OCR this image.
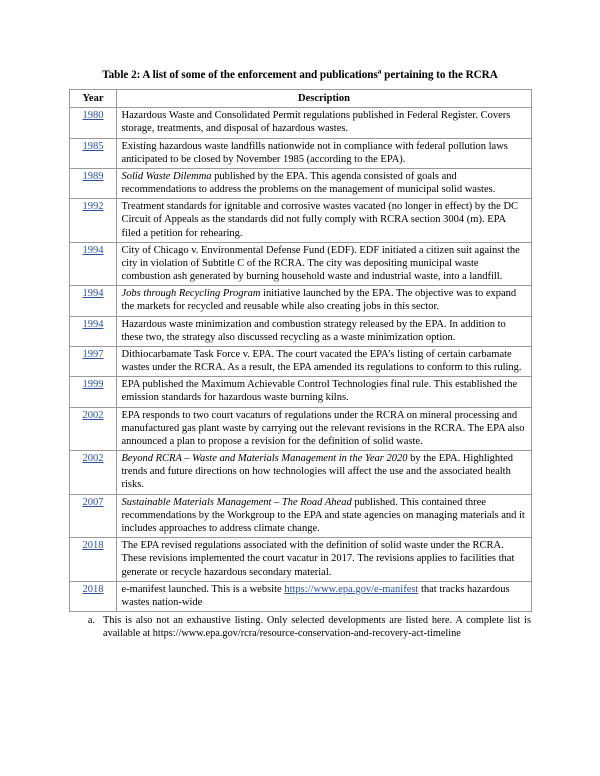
Table 2: A list of some of the enforcement and publications$^a$ pertaining to the RCRA
Year	Description
1980	Hazardous Waste and Consolidated Permit regulations published in Federal Register. Covers storage, treatments, and disposal of hazardous wastes.
1985	Existing hazardous waste landfills nationwide not in compliance with federal pollution laws anticipated to be closed by November 1985 (according to the EPA).
1989	Solid Waste Dilemma published by the EPA. This agenda consisted of goals and recommendations to address the problems on the management of municipal solid wastes.
1992	Treatment standards for ignitable and corrosive wastes vacated (no longer in effect) by the DC Circuit of Appeals as the standards did not fully comply with RCRA section 3004 (m). EPA filed a petition for rehearing.
1994	City of Chicago v. Environmental Defense Fund (EDF). EDF initiated a citizen suit against the city in violation of Subtitle C of the RCRA. The city was depositing municipal waste combustion ash generated by burning household waste and industrial waste, into a landfill.
1994	Jobs through Recycling Program initiative launched by the EPA. The objective was to expand the markets for recycled and reusable while also creating jobs in this sector.
1994	Hazardous waste minimization and combustion strategy released by the EPA. In addition to these two, the strategy also discussed recycling as a waste minimization option.
1997	Dithiocarbamate Task Force v. EPA. The court vacated the EPA’s listing of certain carbamate wastes under the RCRA. As a result, the EPA amended its regulations to conform to this ruling.
1999	EPA published the Maximum Achievable Control Technologies final rule. This established the emission standards for hazardous waste burning kilns.
2002	EPA responds to two court vacaturs of regulations under the RCRA on mineral processing and manufactured gas plant waste by carrying out the relevant revisions in the RCRA. The EPA also announced a plan to propose a revision for the definition of solid waste.
2002	Beyond RCRA – Waste and Materials Management in the Year 2020 by the EPA. Highlighted trends and future directions on how technologies will affect the use and the associated health risks.
2007	Sustainable Materials Management – The Road Ahead published. This contained three recommendations by the Workgroup to the EPA and state agencies on managing materials and it includes approaches to address climate change.
2018	The EPA revised regulations associated with the definition of solid waste under the RCRA. These revisions implemented the court vacatur in 2017. The revisions applies to facilities that generate or recycle hazardous secondary material.
2018	e-manifest launched. This is a website https://www.epa.gov/e-manifest that tracks hazardous wastes nation-wide
a. This is also not an exhaustive listing. Only selected developments are listed here. A complete list is available at https://www.epa.gov/rcra/resource-conservation-and-recovery-act-timeline
